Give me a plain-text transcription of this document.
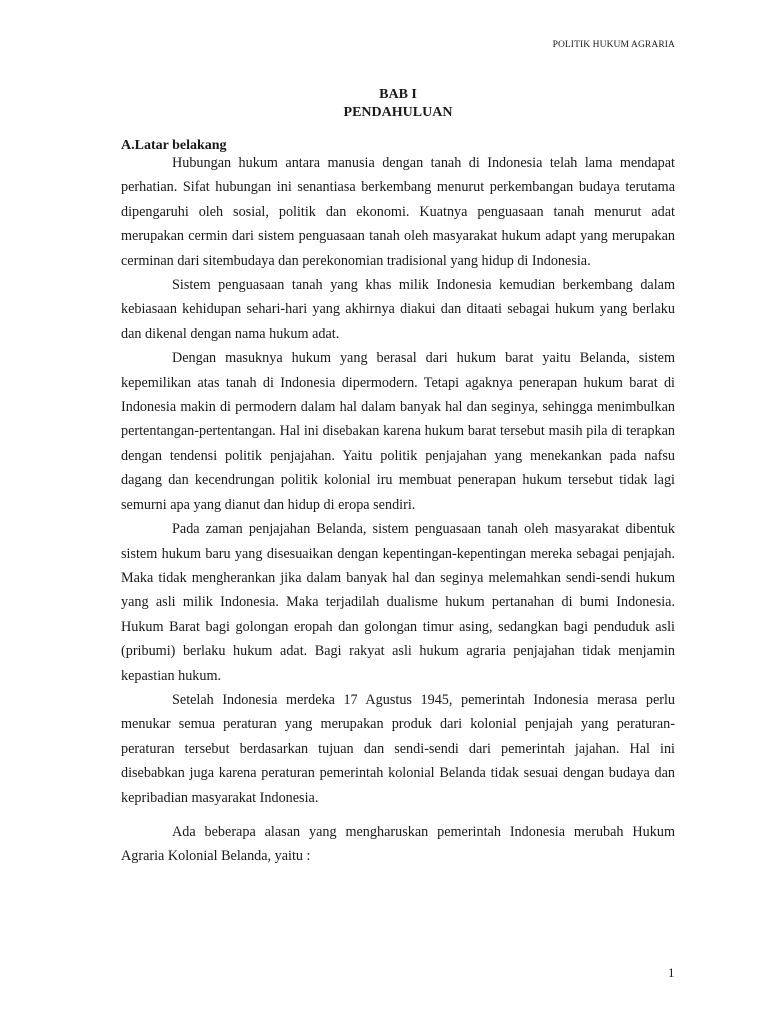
POLITIK HUKUM AGRARIA
BAB I
PENDAHULUAN
A.Latar belakang

Hubungan hukum antara manusia dengan tanah di Indonesia telah lama mendapat perhatian. Sifat hubungan ini senantiasa berkembang menurut perkembangan budaya terutama dipengaruhi oleh sosial, politik dan ekonomi. Kuatnya penguasaan tanah menurut adat merupakan cermin dari sistem penguasaan tanah oleh masyarakat hukum adapt yang merupakan cerminan dari sitembudaya dan perekonomian tradisional yang hidup di Indonesia.

Sistem penguasaan tanah yang khas milik Indonesia kemudian berkembang dalam kebiasaan kehidupan sehari-hari yang akhirnya diakui dan ditaati sebagai hukum yang berlaku dan dikenal dengan nama hukum adat.

Dengan masuknya hukum yang berasal dari hukum barat yaitu Belanda, sistem kepemilikan atas tanah di Indonesia dipermodern. Tetapi agaknya penerapan hukum barat di Indonesia makin di permodern dalam hal dalam banyak hal dan seginya, sehingga menimbulkan pertentangan-pertentangan. Hal ini disebakan karena hukum barat tersebut masih pila di terapkan dengan tendensi politik penjajahan. Yaitu politik penjajahan yang menekankan pada nafsu dagang dan kecendrungan politik kolonial iru membuat penerapan hukum tersebut tidak lagi semurni apa yang dianut dan hidup di eropa sendiri.

Pada zaman penjajahan Belanda, sistem penguasaan tanah oleh masyarakat dibentuk sistem hukum baru yang disesuaikan dengan kepentingan-kepentingan mereka sebagai penjajah. Maka tidak mengherankan jika dalam banyak hal dan seginya melemahkan sendi-sendi hukum yang asli milik Indonesia. Maka terjadilah dualisme hukum pertanahan di bumi Indonesia. Hukum Barat bagi golongan eropah dan golongan timur asing, sedangkan bagi penduduk asli (pribumi) berlaku hukum adat. Bagi rakyat asli hukum agraria penjajahan tidak menjamin kepastian hukum.

Setelah Indonesia merdeka 17 Agustus 1945, pemerintah Indonesia merasa perlu menukar semua peraturan yang merupakan produk dari kolonial penjajah yang peraturan-peraturan tersebut berdasarkan tujuan dan sendi-sendi dari pemerintah jajahan. Hal ini disebabkan juga karena peraturan pemerintah kolonial Belanda tidak sesuai dengan budaya dan kepribadian masyarakat Indonesia.

Ada beberapa alasan yang mengharuskan pemerintah Indonesia merubah Hukum Agraria Kolonial Belanda, yaitu :

1
